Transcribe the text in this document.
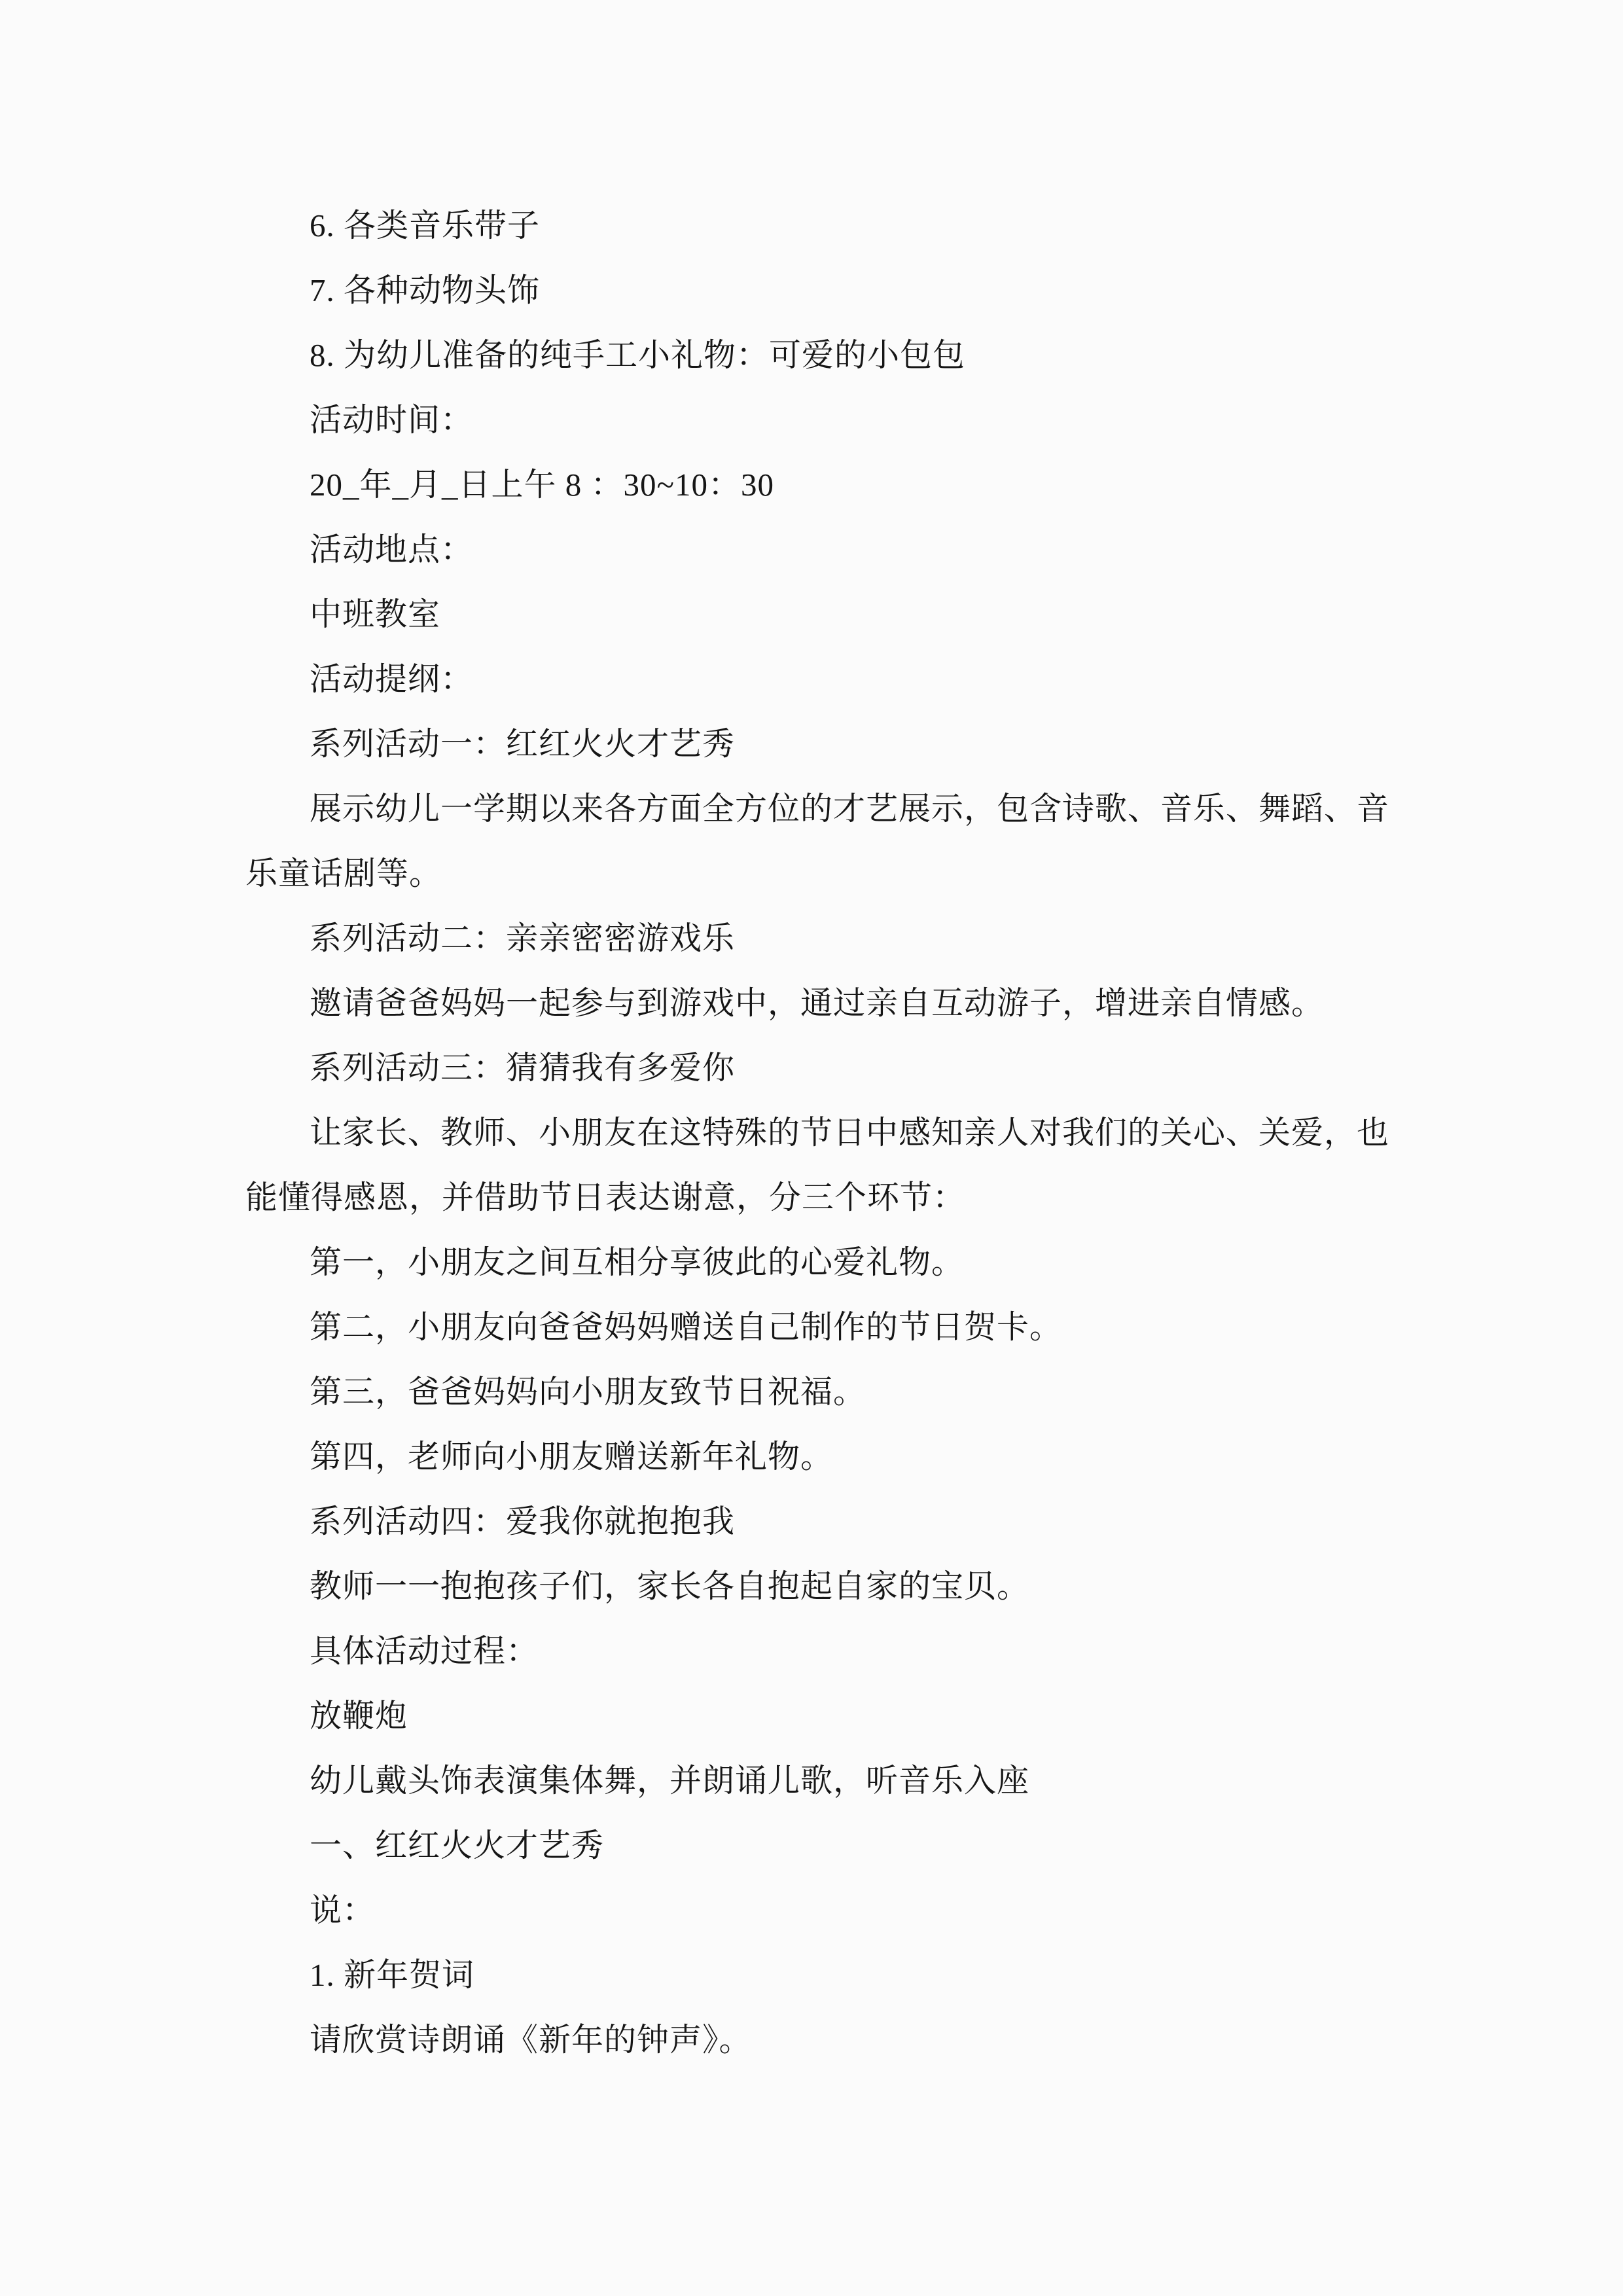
6. 各类音乐带子
7. 各种动物头饰
8. 为幼儿准备的纯手工小礼物：可爱的小包包
活动时间：
20_年_月_日上午 8 ：30~10：30
活动地点：
中班教室
活动提纲：
系列活动一：红红火火才艺秀
展示幼儿一学期以来各方面全方位的才艺展示，包含诗歌、音乐、舞蹈、音
乐童话剧等。
系列活动二：亲亲密密游戏乐
邀请爸爸妈妈一起参与到游戏中，通过亲自互动游子，增进亲自情感。
系列活动三：猜猜我有多爱你
让家长、教师、小朋友在这特殊的节日中感知亲人对我们的关心、关爱，也
能懂得感恩，并借助节日表达谢意，分三个环节：
第一，小朋友之间互相分享彼此的心爱礼物。
第二，小朋友向爸爸妈妈赠送自己制作的节日贺卡。
第三，爸爸妈妈向小朋友致节日祝福。
第四，老师向小朋友赠送新年礼物。
系列活动四：爱我你就抱抱我
教师一一抱抱孩子们，家长各自抱起自家的宝贝。
具体活动过程：
放鞭炮
幼儿戴头饰表演集体舞，并朗诵儿歌，听音乐入座
一、红红火火才艺秀
说：
1. 新年贺词
请欣赏诗朗诵《新年的钟声》。
